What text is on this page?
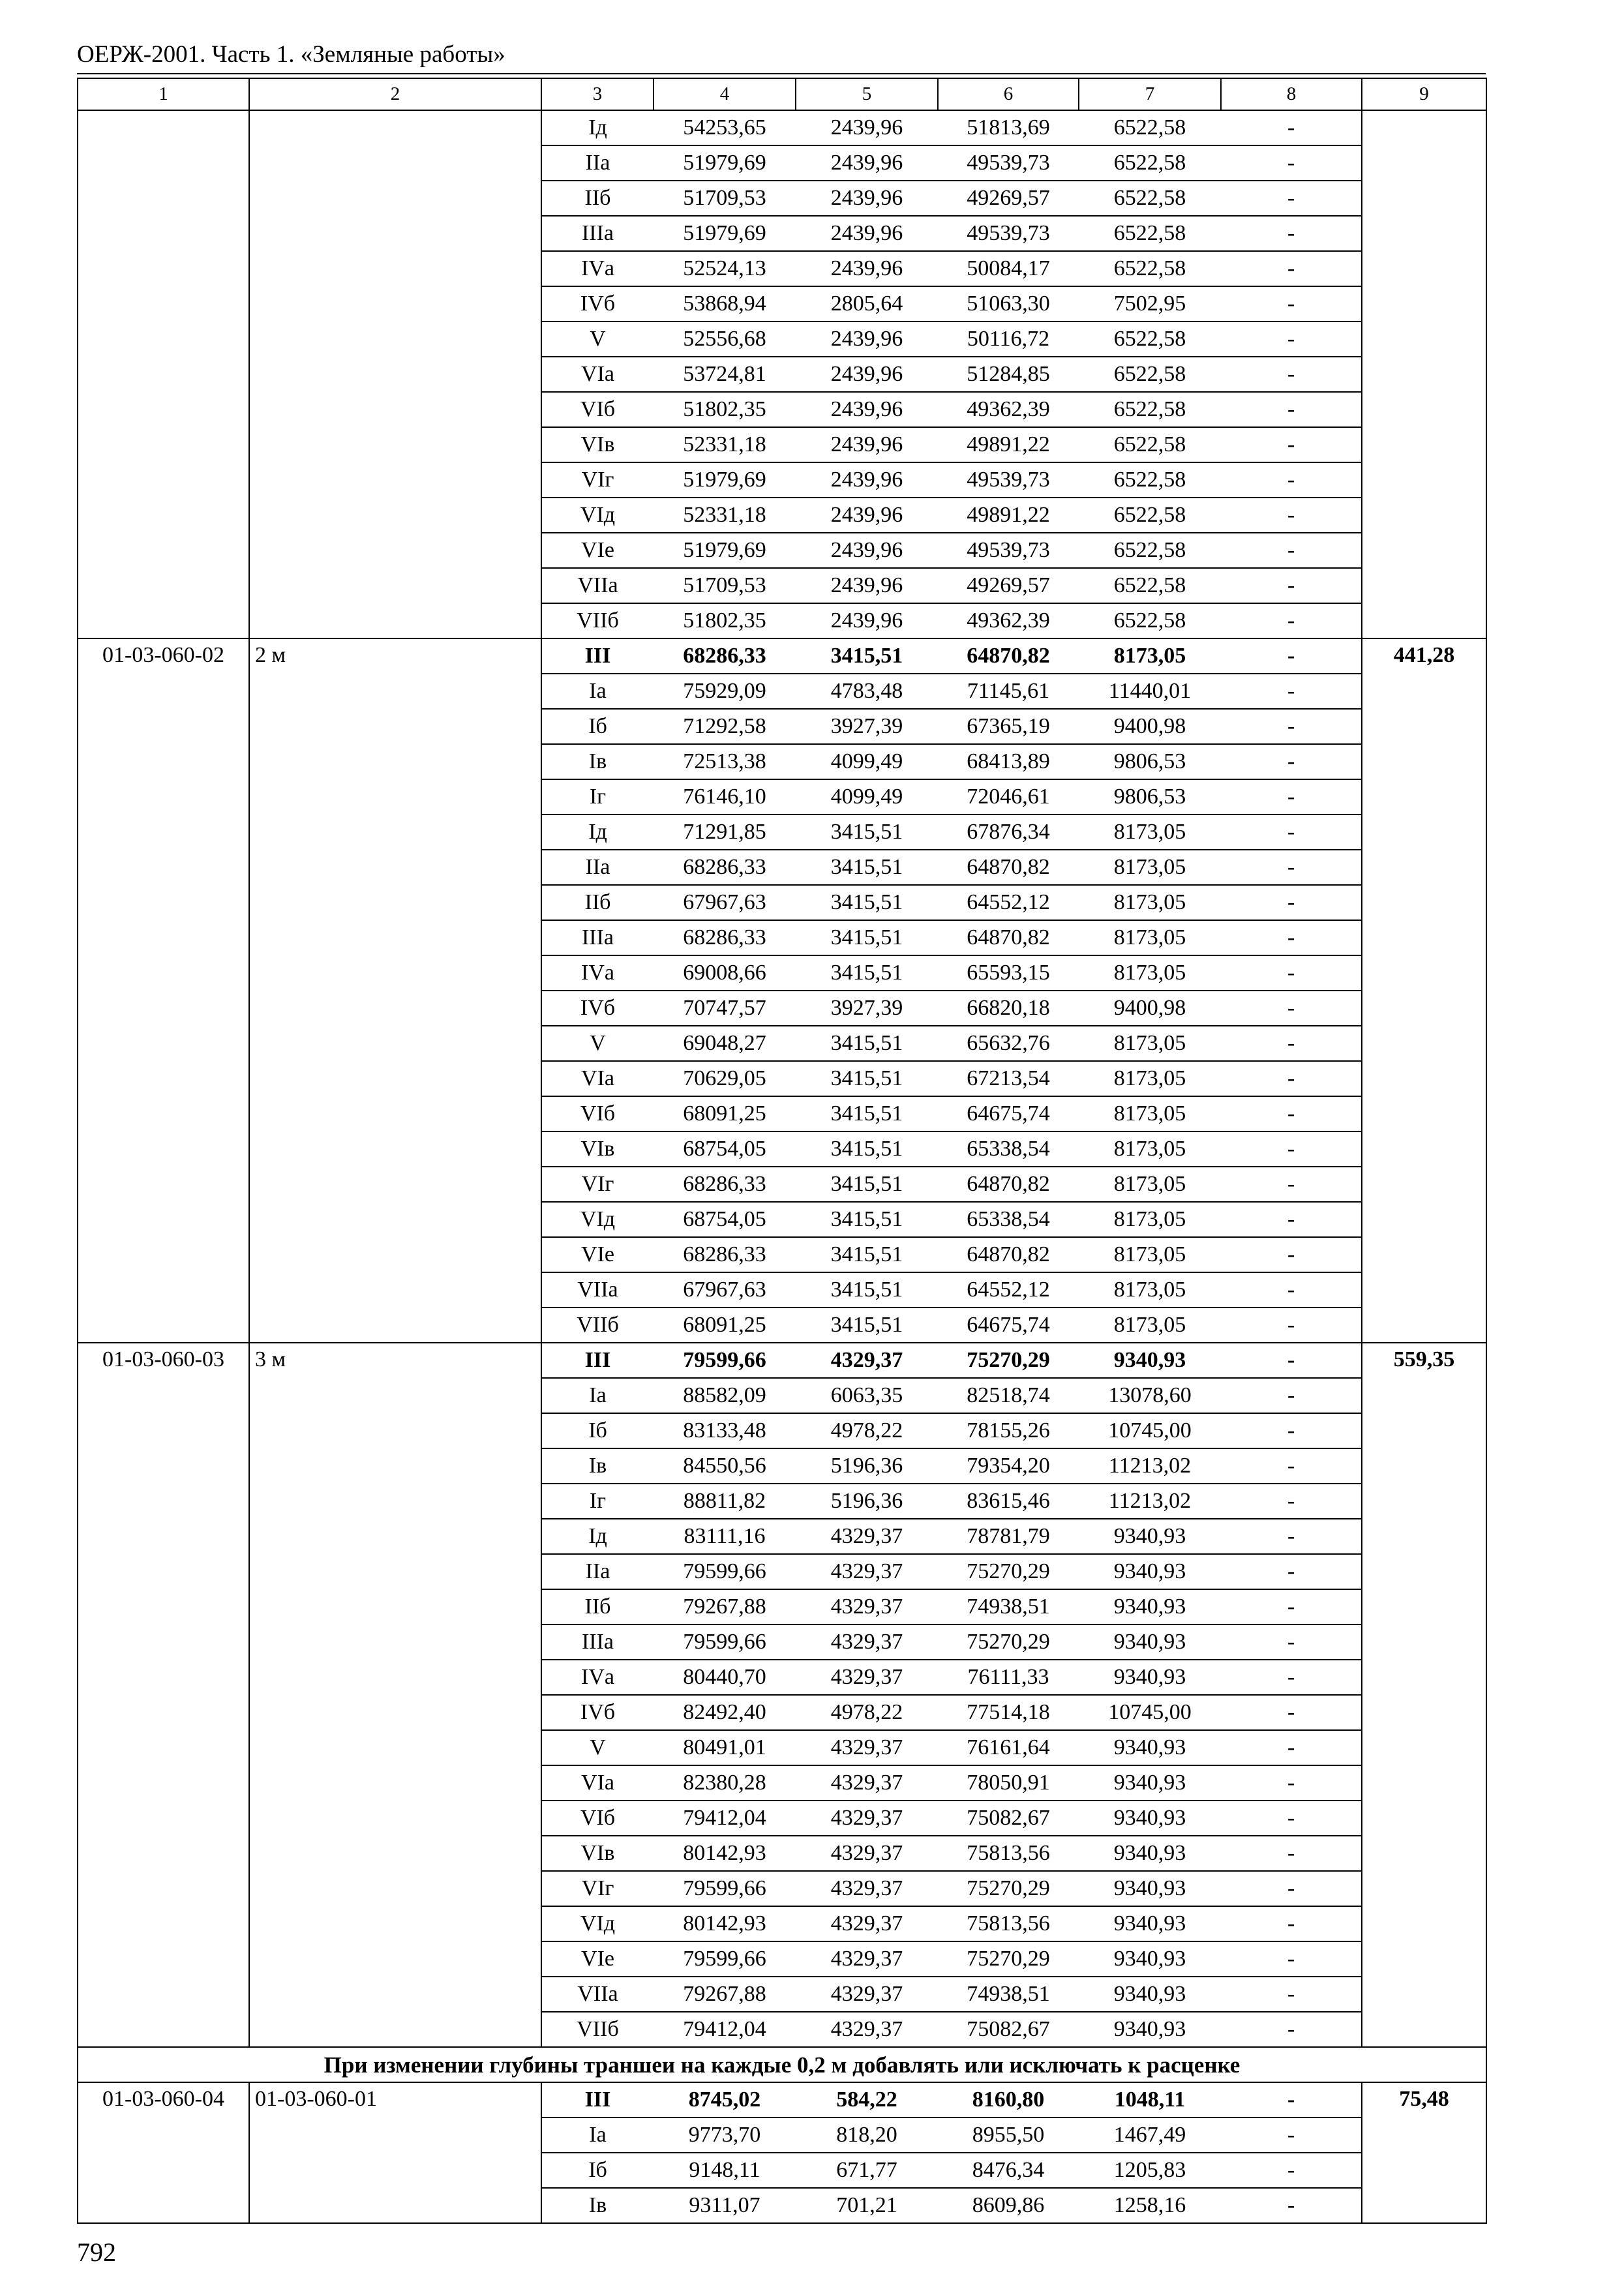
ОЕРЖ-2001. Часть 1. «Земляные работы»
1	2	3	4	5	6	7	8	9
		Iд	54253,65	2439,96	51813,69	6522,58	-	
		IIа	51979,69	2439,96	49539,73	6522,58	-	
		IIб	51709,53	2439,96	49269,57	6522,58	-	
		IIIа	51979,69	2439,96	49539,73	6522,58	-	
		IVа	52524,13	2439,96	50084,17	6522,58	-	
		IVб	53868,94	2805,64	51063,30	7502,95	-	
		V	52556,68	2439,96	50116,72	6522,58	-	
		VIа	53724,81	2439,96	51284,85	6522,58	-	
		VIб	51802,35	2439,96	49362,39	6522,58	-	
		VIв	52331,18	2439,96	49891,22	6522,58	-	
		VIг	51979,69	2439,96	49539,73	6522,58	-	
		VIд	52331,18	2439,96	49891,22	6522,58	-	
		VIе	51979,69	2439,96	49539,73	6522,58	-	
		VIIа	51709,53	2439,96	49269,57	6522,58	-	
		VIIб	51802,35	2439,96	49362,39	6522,58	-	
01-03-060-02	2 м	III	68286,33	3415,51	64870,82	8173,05	-	441,28
		Iа	75929,09	4783,48	71145,61	11440,01	-	
		Iб	71292,58	3927,39	67365,19	9400,98	-	
		Iв	72513,38	4099,49	68413,89	9806,53	-	
		Iг	76146,10	4099,49	72046,61	9806,53	-	
		Iд	71291,85	3415,51	67876,34	8173,05	-	
		IIа	68286,33	3415,51	64870,82	8173,05	-	
		IIб	67967,63	3415,51	64552,12	8173,05	-	
		IIIа	68286,33	3415,51	64870,82	8173,05	-	
		IVа	69008,66	3415,51	65593,15	8173,05	-	
		IVб	70747,57	3927,39	66820,18	9400,98	-	
		V	69048,27	3415,51	65632,76	8173,05	-	
		VIа	70629,05	3415,51	67213,54	8173,05	-	
		VIб	68091,25	3415,51	64675,74	8173,05	-	
		VIв	68754,05	3415,51	65338,54	8173,05	-	
		VIг	68286,33	3415,51	64870,82	8173,05	-	
		VIд	68754,05	3415,51	65338,54	8173,05	-	
		VIе	68286,33	3415,51	64870,82	8173,05	-	
		VIIа	67967,63	3415,51	64552,12	8173,05	-	
		VIIб	68091,25	3415,51	64675,74	8173,05	-	
01-03-060-03	3 м	III	79599,66	4329,37	75270,29	9340,93	-	559,35
		Iа	88582,09	6063,35	82518,74	13078,60	-	
		Iб	83133,48	4978,22	78155,26	10745,00	-	
		Iв	84550,56	5196,36	79354,20	11213,02	-	
		Iг	88811,82	5196,36	83615,46	11213,02	-	
		Iд	83111,16	4329,37	78781,79	9340,93	-	
		IIа	79599,66	4329,37	75270,29	9340,93	-	
		IIб	79267,88	4329,37	74938,51	9340,93	-	
		IIIа	79599,66	4329,37	75270,29	9340,93	-	
		IVа	80440,70	4329,37	76111,33	9340,93	-	
		IVб	82492,40	4978,22	77514,18	10745,00	-	
		V	80491,01	4329,37	76161,64	9340,93	-	
		VIа	82380,28	4329,37	78050,91	9340,93	-	
		VIб	79412,04	4329,37	75082,67	9340,93	-	
		VIв	80142,93	4329,37	75813,56	9340,93	-	
		VIг	79599,66	4329,37	75270,29	9340,93	-	
		VIд	80142,93	4329,37	75813,56	9340,93	-	
		VIе	79599,66	4329,37	75270,29	9340,93	-	
		VIIа	79267,88	4329,37	74938,51	9340,93	-	
		VIIб	79412,04	4329,37	75082,67	9340,93	-	
При изменении глубины траншеи на каждые 0,2 м добавлять или исключать к расценке								
01-03-060-04	01-03-060-01	III	8745,02	584,22	8160,80	1048,11	-	75,48
		Iа	9773,70	818,20	8955,50	1467,49	-	
		Iб	9148,11	671,77	8476,34	1205,83	-	
		Iв	9311,07	701,21	8609,86	1258,16	-	
792
